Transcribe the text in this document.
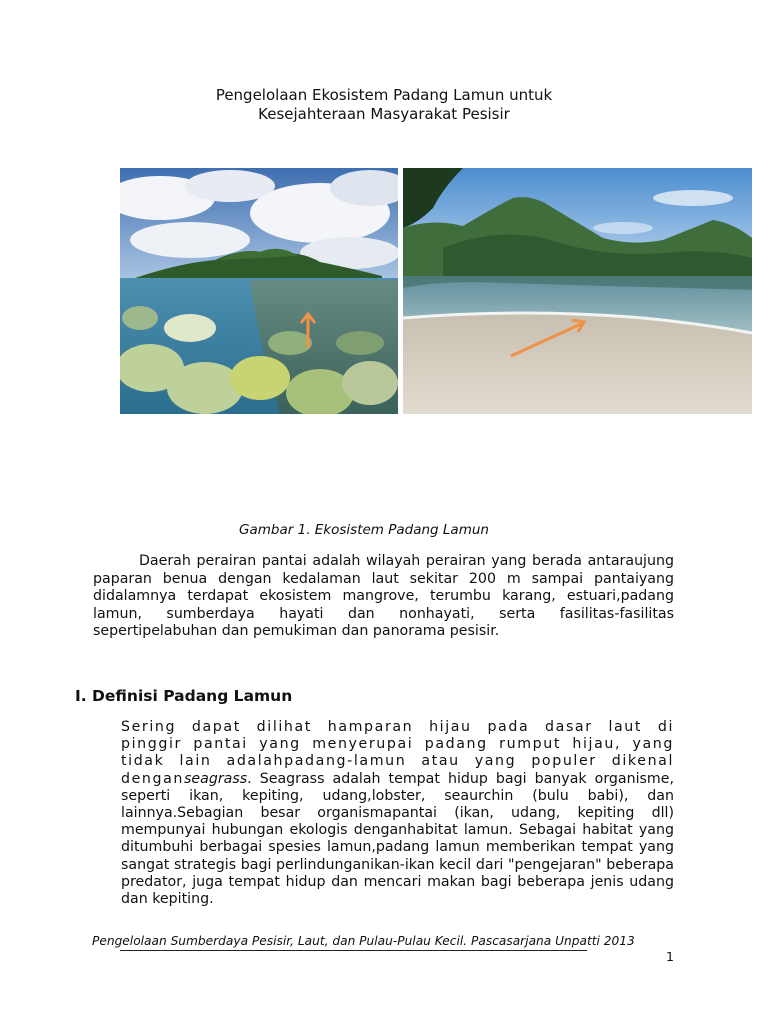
Pengelolaan Ekosistem Padang Lamun untuk
Kesejahteraan Masyarakat Pesisir
Gambar 1. Ekosistem Padang Lamun
Daerah perairan pantai adalah wilayah perairan yang berada antaraujung paparan benua dengan kedalaman laut sekitar 200 m sampai pantaiyang didalamnya terdapat ekosistem mangrove, terumbu karang, estuari,padang lamun, sumberdaya hayati dan nonhayati, serta fasilitas-fasilitas sepertipelabuhan dan pemukiman dan panorama pesisir.
I. Definisi Padang Lamun
Sering dapat dilihat hamparan hijau pada dasar laut di pinggir pantai yang menyerupai padang rumput hijau, yang tidak lain adalahpadang-lamun atau yang populer dikenal denganseagrass. Seagrass adalah tempat hidup bagi banyak organisme, seperti ikan, kepiting, udang,lobster, seaurchin (bulu babi), dan lainnya.Sebagian besar organismapantai (ikan, udang, kepiting dll) mempunyai hubungan ekologis denganhabitat lamun. Sebagai habitat yang ditumbuhi berbagai spesies lamun,padang lamun memberikan tempat yang sangat strategis bagi perlindunganikan-ikan kecil dari "pengejaran" beberapa predator, juga tempat hidup dan mencari makan bagi beberapa jenis udang dan kepiting.
Pengelolaan Sumberdaya Pesisir, Laut, dan Pulau-Pulau Kecil. Pascasarjana Unpatti 2013
1
